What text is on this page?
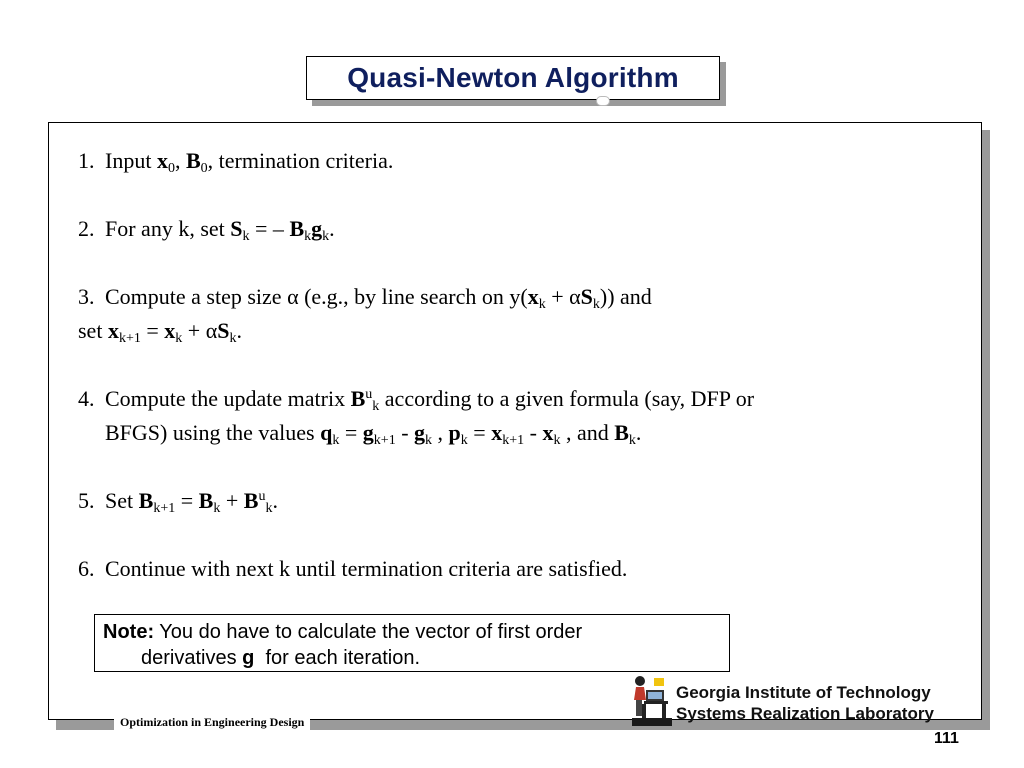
Quasi-Newton Algorithm
1. Input $x_0$, $B_0$, termination criteria.
2. For any k, set $S_k$ = – $B_kg_k$.
3. Compute a step size α (e.g., by line search on $y(x_k + \alpha S_k)$) and
set $x_{k+1} = x_k + \alpha S_k$.
4. Compute the update matrix $B^u_k$ according to a given formula (say, DFP or
BFGS) using the values $q_k = g_{k+1} - g_k$ , $p_k = x_{k+1} - x_k$ , and $B_k$.
5. Set $B_{k+1} = B_k + B^u_k$.
6. Continue with next k until termination criteria are satisfied.
Note: You do have to calculate the vector of first order
derivatives g  for each iteration.
Optimization in Engineering Design
Georgia Institute of Technology
Systems Realization Laboratory
111
